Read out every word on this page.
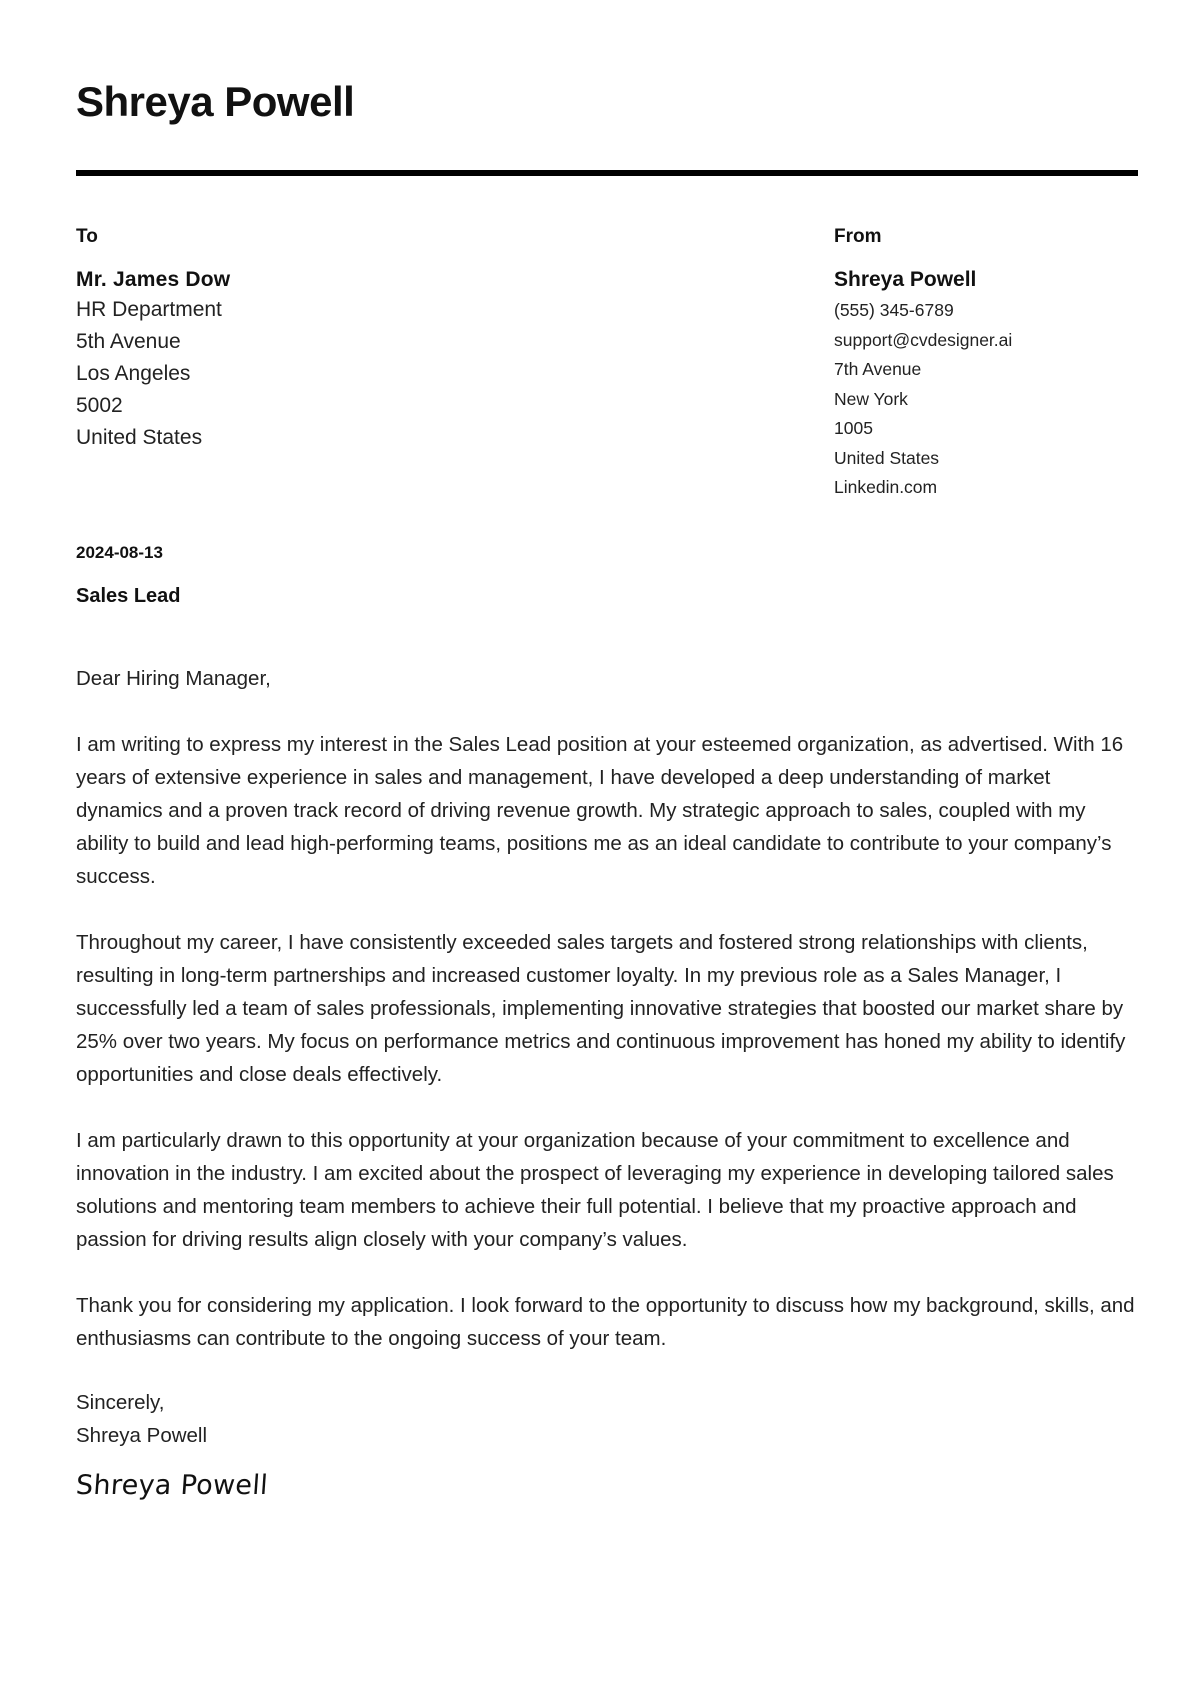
Shreya Powell
To
Mr. James Dow
HR Department
5th Avenue
Los Angeles
5002
United States
From
Shreya Powell
(555) 345-6789
support@cvdesigner.ai
7th Avenue
New York
1005
United States
Linkedin.com
2024-08-13
Sales Lead

Dear Hiring Manager,

I am writing to express my interest in the Sales Lead position at your esteemed organization, as advertised. With 16 years of extensive experience in sales and management, I have developed a deep understanding of market dynamics and a proven track record of driving revenue growth. My strategic approach to sales, coupled with my ability to build and lead high-performing teams, positions me as an ideal candidate to contribute to your company’s success.

Throughout my career, I have consistently exceeded sales targets and fostered strong relationships with clients, resulting in long-term partnerships and increased customer loyalty. In my previous role as a Sales Manager, I successfully led a team of sales professionals, implementing innovative strategies that boosted our market share by 25% over two years. My focus on performance metrics and continuous improvement has honed my ability to identify opportunities and close deals effectively.

I am particularly drawn to this opportunity at your organization because of your commitment to excellence and innovation in the industry. I am excited about the prospect of leveraging my experience in developing tailored sales solutions and mentoring team members to achieve their full potential. I believe that my proactive approach and passion for driving results align closely with your company’s values.

Thank you for considering my application. I look forward to the opportunity to discuss how my background, skills, and enthusiasms can contribute to the ongoing success of your team.

Sincerely,
Shreya Powell
Shreya Powell
